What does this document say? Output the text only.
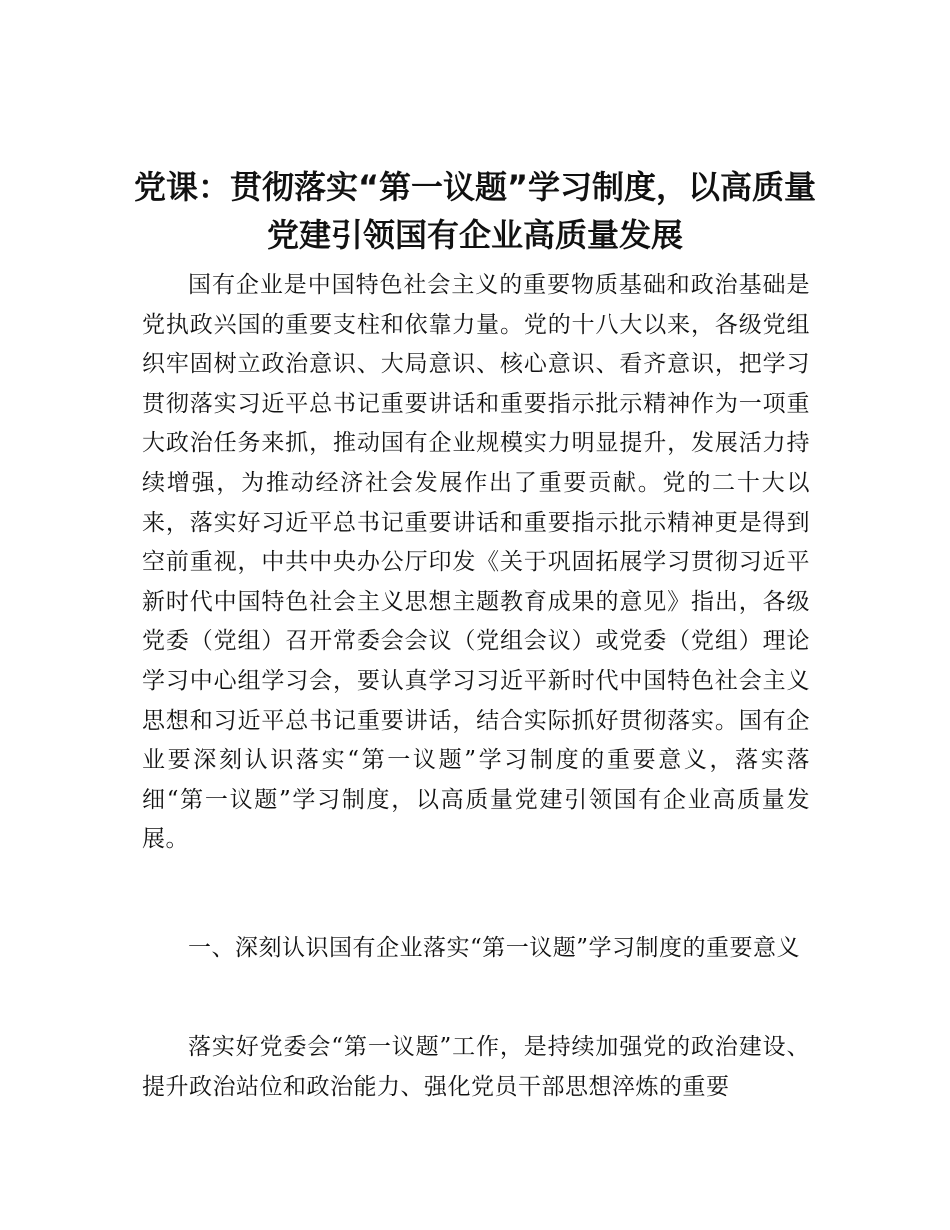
党课：贯彻落实“第一议题”学习制度，以高质量党建引领国有企业高质量发展

国有企业是中国特色社会主义的重要物质基础和政治基础是党执政兴国的重要支柱和依靠力量。党的十八大以来，各级党组织牢固树立政治意识、大局意识、核心意识、看齐意识，把学习贯彻落实习近平总书记重要讲话和重要指示批示精神作为一项重大政治任务来抓，推动国有企业规模实力明显提升，发展活力持续增强，为推动经济社会发展作出了重要贡献。党的二十大以来，落实好习近平总书记重要讲话和重要指示批示精神更是得到空前重视，中共中央办公厅印发《关于巩固拓展学习贯彻习近平新时代中国特色社会主义思想主题教育成果的意见》指出，各级党委（党组）召开常委会会议（党组会议）或党委（党组）理论学习中心组学习会，要认真学习习近平新时代中国特色社会主义思想和习近平总书记重要讲话，结合实际抓好贯彻落实。国有企业要深刻认识落实“第一议题”学习制度的重要意义，落实落细“第一议题”学习制度，以高质量党建引领国有企业高质量发展。

一、深刻认识国有企业落实“第一议题”学习制度的重要意义

落实好党委会“第一议题”工作，是持续加强党的政治建设、提升政治站位和政治能力、强化党员干部思想淬炼的重要
